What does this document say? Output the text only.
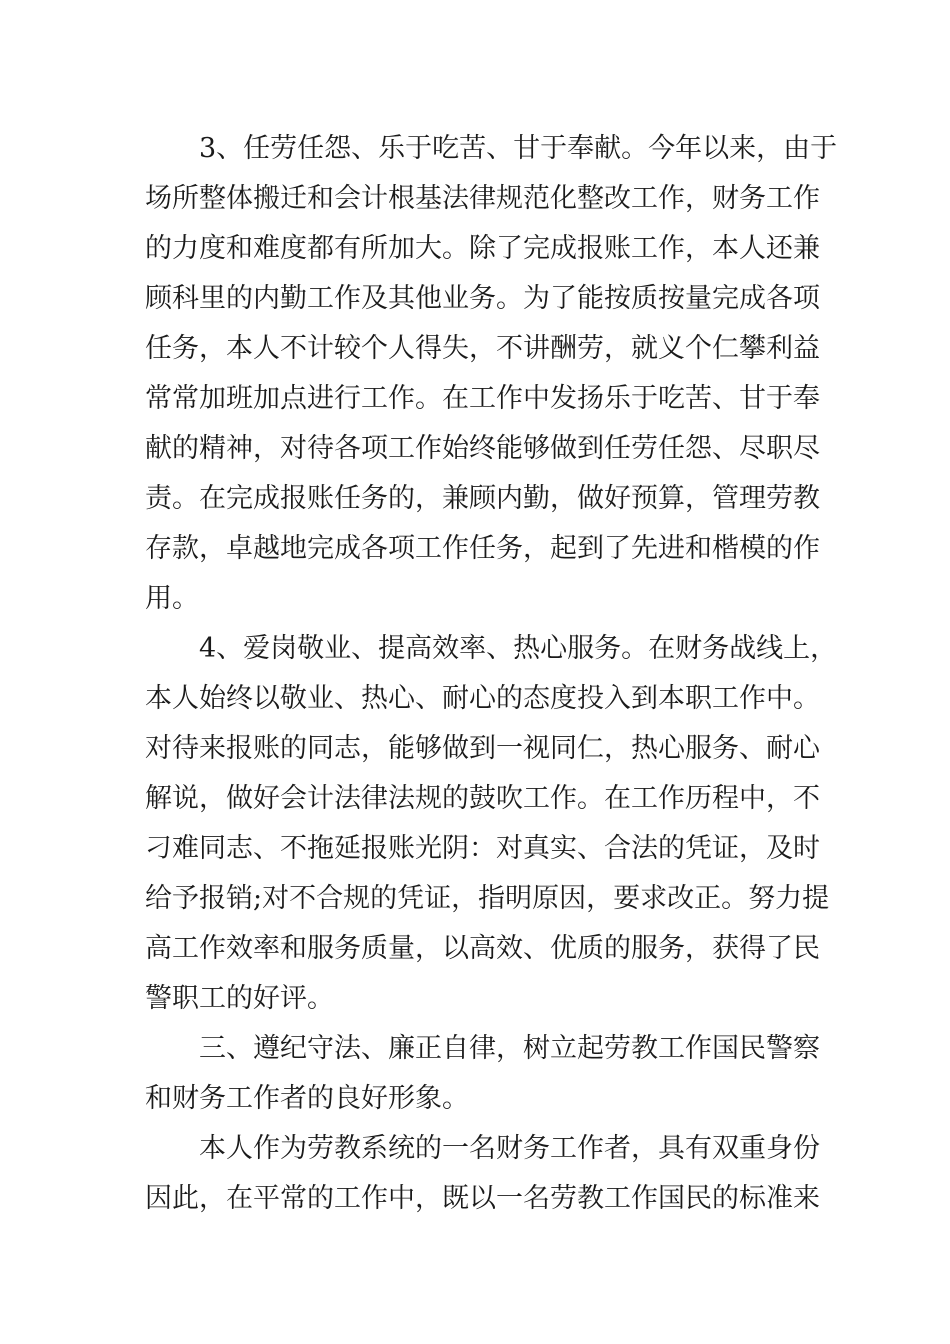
3、任劳任怨、乐于吃苦、甘于奉献。今年以来，由于
场所整体搬迁和会计根基法律规范化整改工作，财务工作
的力度和难度都有所加大。除了完成报账工作，本人还兼
顾科里的内勤工作及其他业务。为了能按质按量完成各项
任务，本人不计较个人得失，不讲酬劳，就义个仁攀利益
常常加班加点进行工作。在工作中发扬乐于吃苦、甘于奉
献的精神，对待各项工作始终能够做到任劳任怨、尽职尽
责。在完成报账任务的，兼顾内勤，做好预算，管理劳教
存款，卓越地完成各项工作任务，起到了先进和楷模的作
用。
4、爱岗敬业、提高效率、热心服务。在财务战线上，
本人始终以敬业、热心、耐心的态度投入到本职工作中。
对待来报账的同志，能够做到一视同仁，热心服务、耐心
解说，做好会计法律法规的鼓吹工作。在工作历程中，不
刁难同志、不拖延报账光阴：对真实、合法的凭证，及时
给予报销;对不合规的凭证，指明原因，要求改正。努力提
高工作效率和服务质量，以高效、优质的服务，获得了民
警职工的好评。
三、遵纪守法、廉正自律，树立起劳教工作国民警察
和财务工作者的良好形象。
本人作为劳教系统的一名财务工作者，具有双重身份
因此，在平常的工作中，既以一名劳教工作国民的标准来
